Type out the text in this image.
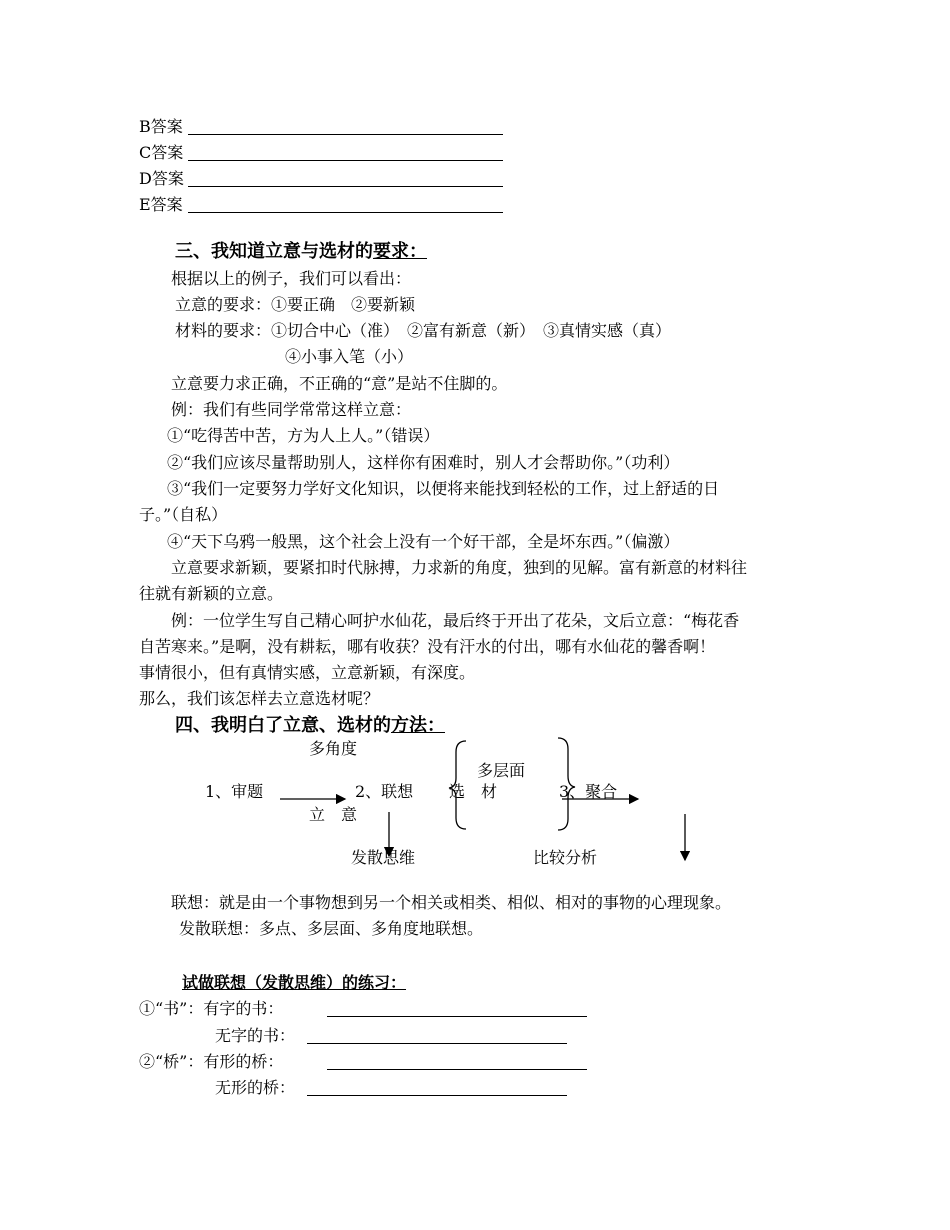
B答案
C答案
D答案
E答案
三、我知道立意与选材的要求：
根据以上的例子，我们可以看出：
立意的要求：①要正确　②要新颖
材料的要求：①切合中心（准）　②富有新意（新）　③真情实感（真）
④小事入笔（小）
立意要力求正确，不正确的“意”是站不住脚的。
例：我们有些同学常常这样立意：
①“吃得苦中苦，方为人上人。”（错误）
②“我们应该尽量帮助别人，这样你有困难时，别人才会帮助你。”（功利）
③“我们一定要努力学好文化知识，以便将来能找到轻松的工作，过上舒适的日
子。”（自私）
④“天下乌鸦一般黑，这个社会上没有一个好干部，全是坏东西。”（偏激）
立意要求新颖，要紧扣时代脉搏，力求新的角度，独到的见解。富有新意的材料往
往就有新颖的立意。
例：一位学生写自己精心呵护水仙花，最后终于开出了花朵，文后立意：“梅花香
自苦寒来。”是啊，没有耕耘，哪有收获？没有汗水的付出，哪有水仙花的馨香啊！
事情很小，但有真情实感，立意新颖，有深度。
那么，我们该怎样去立意选材呢？
四、我明白了立意、选材的方法：
多角度
多层面
1、审题	2、联想 选　材	3、聚合
立　意
发散思维	比较分析
联想：就是由一个事物想到另一个相关或相类、相似、相对的事物的心理现象。
发散联想：多点、多层面、多角度地联想。
试做联想（发散思维）的练习：
①“书”：有字的书：
无字的书：
②“桥”：有形的桥：
无形的桥：
